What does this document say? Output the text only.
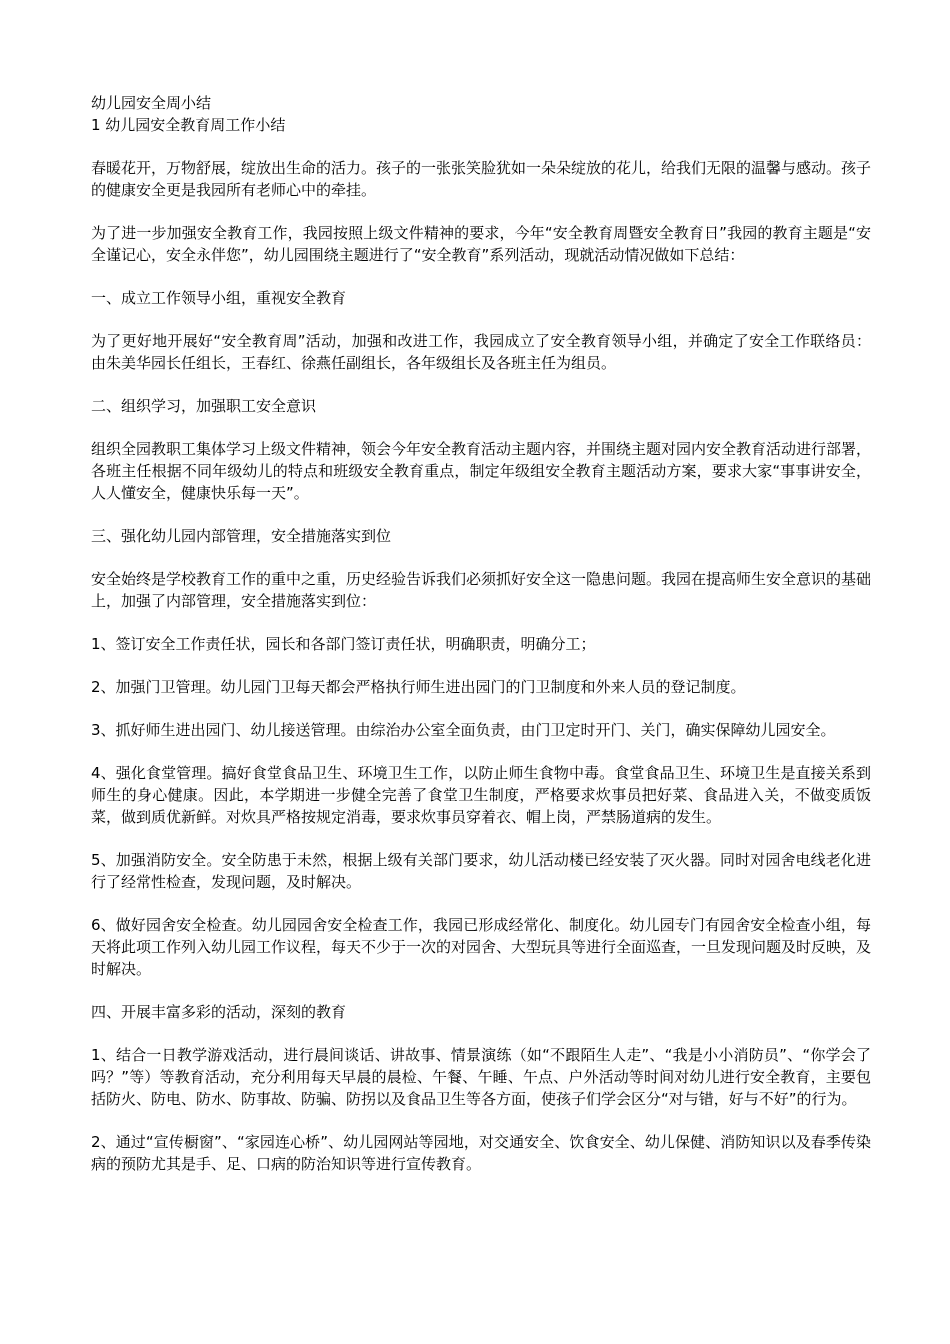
幼儿园安全周小结

1 幼儿园安全教育周工作小结

春暖花开，万物舒展，绽放出生命的活力。孩子的一张张笑脸犹如一朵朵绽放的花儿，给我们无限的温馨与感动。孩子的健康安全更是我园所有老师心中的牵挂。

为了进一步加强安全教育工作，我园按照上级文件精神的要求，今年“安全教育周暨安全教育日”我园的教育主题是“安全谨记心，安全永伴您”，幼儿园围绕主题进行了“安全教育”系列活动，现就活动情况做如下总结：

一、成立工作领导小组，重视安全教育

为了更好地开展好“安全教育周”活动，加强和改进工作，我园成立了安全教育领导小组，并确定了安全工作联络员：由朱美华园长任组长，王春红、徐燕任副组长，各年级组长及各班主任为组员。

二、组织学习，加强职工安全意识

组织全园教职工集体学习上级文件精神，领会今年安全教育活动主题内容，并围绕主题对园内安全教育活动进行部署，各班主任根据不同年级幼儿的特点和班级安全教育重点，制定年级组安全教育主题活动方案，要求大家“事事讲安全，人人懂安全，健康快乐每一天”。

三、强化幼儿园内部管理，安全措施落实到位

安全始终是学校教育工作的重中之重，历史经验告诉我们必须抓好安全这一隐患问题。我园在提高师生安全意识的基础上，加强了内部管理，安全措施落实到位：

1、签订安全工作责任状，园长和各部门签订责任状，明确职责，明确分工；

2、加强门卫管理。幼儿园门卫每天都会严格执行师生进出园门的门卫制度和外来人员的登记制度。

3、抓好师生进出园门、幼儿接送管理。由综治办公室全面负责，由门卫定时开门、关门，确实保障幼儿园安全。

4、强化食堂管理。搞好食堂食品卫生、环境卫生工作，以防止师生食物中毒。食堂食品卫生、环境卫生是直接关系到师生的身心健康。因此，本学期进一步健全完善了食堂卫生制度，严格要求炊事员把好菜、食品进入关，不做变质饭菜，做到质优新鲜。对炊具严格按规定消毒，要求炊事员穿着衣、帽上岗，严禁肠道病的发生。

5、加强消防安全。安全防患于未然，根据上级有关部门要求，幼儿活动楼已经安装了灭火器。同时对园舍电线老化进行了经常性检查，发现问题，及时解决。

6、做好园舍安全检查。幼儿园园舍安全检查工作，我园已形成经常化、制度化。幼儿园专门有园舍安全检查小组，每天将此项工作列入幼儿园工作议程，每天不少于一次的对园舍、大型玩具等进行全面巡查，一旦发现问题及时反映，及时解决。

四、开展丰富多彩的活动，深刻的教育

1、结合一日教学游戏活动，进行晨间谈话、讲故事、情景演练（如“不跟陌生人走”、“我是小小消防员”、“你学会了吗？”等）等教育活动，充分利用每天早晨的晨检、午餐、午睡、午点、户外活动等时间对幼儿进行安全教育，主要包括防火、防电、防水、防事故、防骗、防拐以及食品卫生等各方面，使孩子们学会区分“对与错，好与不好”的行为。

2、通过“宣传橱窗”、“家园连心桥”、幼儿园网站等园地，对交通安全、饮食安全、幼儿保健、消防知识以及春季传染病的预防尤其是手、足、口病的防治知识等进行宣传教育。
